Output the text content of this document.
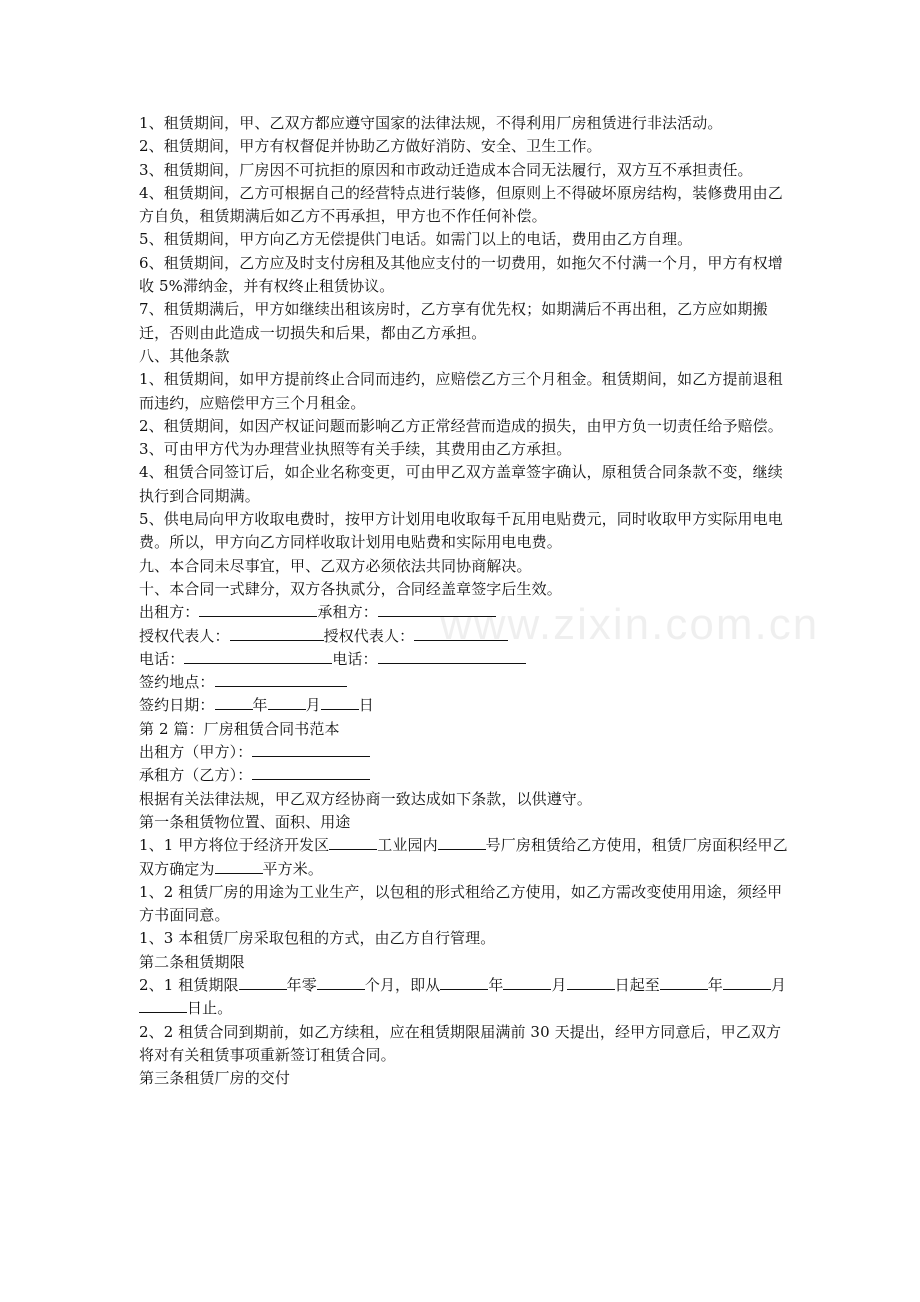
www.zixin.com.cn

1、租赁期间，甲、乙双方都应遵守国家的法律法规，不得利用厂房租赁进行非法活动。

2、租赁期间，甲方有权督促并协助乙方做好消防、安全、卫生工作。

3、租赁期间，厂房因不可抗拒的原因和市政动迁造成本合同无法履行，双方互不承担责任。

4、租赁期间，乙方可根据自己的经营特点进行装修，但原则上不得破坏原房结构，装修费用由乙方自负，租赁期满后如乙方不再承担，甲方也不作任何补偿。

5、租赁期间，甲方向乙方无偿提供门电话。如需门以上的电话，费用由乙方自理。

6、租赁期间，乙方应及时支付房租及其他应支付的一切费用，如拖欠不付满一个月，甲方有权增收 5%滞纳金，并有权终止租赁协议。

7、租赁期满后，甲方如继续出租该房时，乙方享有优先权；如期满后不再出租，乙方应如期搬迁，否则由此造成一切损失和后果，都由乙方承担。

八、其他条款

1、租赁期间，如甲方提前终止合同而违约，应赔偿乙方三个月租金。租赁期间，如乙方提前退租而违约，应赔偿甲方三个月租金。

2、租赁期间，如因产权证问题而影响乙方正常经营而造成的损失，由甲方负一切责任给予赔偿。

3、可由甲方代为办理营业执照等有关手续，其费用由乙方承担。

4、租赁合同签订后，如企业名称变更，可由甲乙双方盖章签字确认，原租赁合同条款不变，继续执行到合同期满。

5、供电局向甲方收取电费时，按甲方计划用电收取每千瓦用电贴费元，同时收取甲方实际用电电费。所以，甲方向乙方同样收取计划用电贴费和实际用电电费。

九、本合同未尽事宜，甲、乙双方必须依法共同协商解决。

十、本合同一式肆分，双方各执贰分，合同经盖章签字后生效。

出租方：	承租方：

授权代表人：	授权代表人：

电话：	电话：

签约地点：

签约日期：	年	月	日

第 2 篇：厂房租赁合同书范本

出租方（甲方）：

承租方（乙方）：

根据有关法律法规，甲乙双方经协商一致达成如下条款，以供遵守。

第一条租赁物位置、面积、用途

1、1 甲方将位于经济开发区	工业园内	号厂房租赁给乙方使用，租赁厂房面积经甲乙双方确定为	平方米。

1、2 租赁厂房的用途为工业生产，以包租的形式租给乙方使用，如乙方需改变使用用途，须经甲方书面同意。

1、3 本租赁厂房采取包租的方式，由乙方自行管理。

第二条租赁期限

2、1 租赁期限	年零	个月，即从	年	月	日起至	年	月日止。

2、2 租赁合同到期前，如乙方续租，应在租赁期限届满前 30 天提出，经甲方同意后，甲乙双方将对有关租赁事项重新签订租赁合同。

第三条租赁厂房的交付
